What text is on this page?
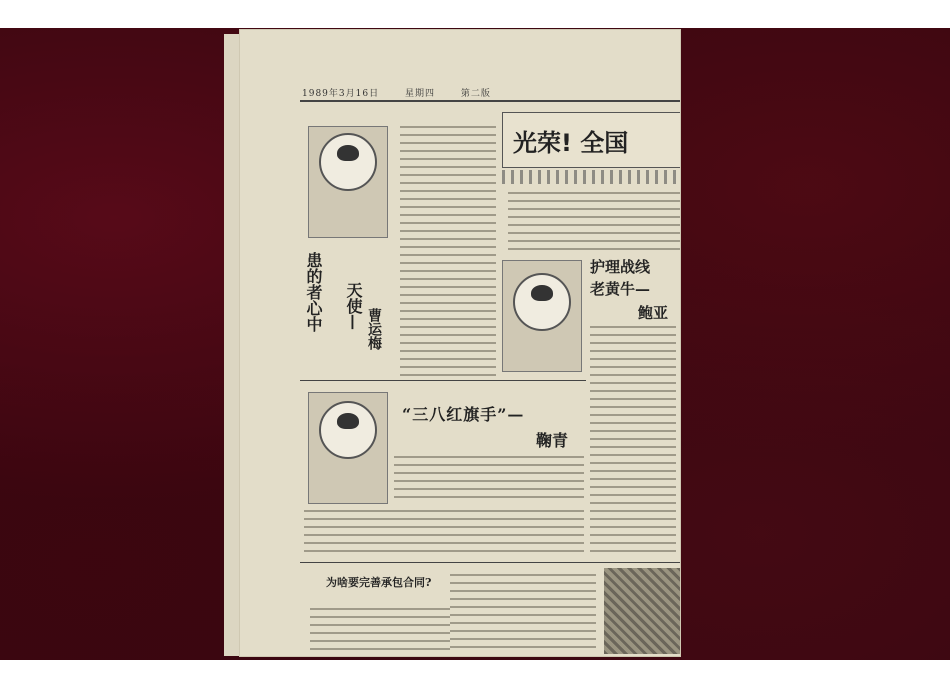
1989年3月16日	星期四	第二版
天使—
患的者心中	曹运梅
光荣! 全国
护理战线
老黄牛—
鲍亚
“三八红旗手”—
鞠青
为啥要完善承包合同?
